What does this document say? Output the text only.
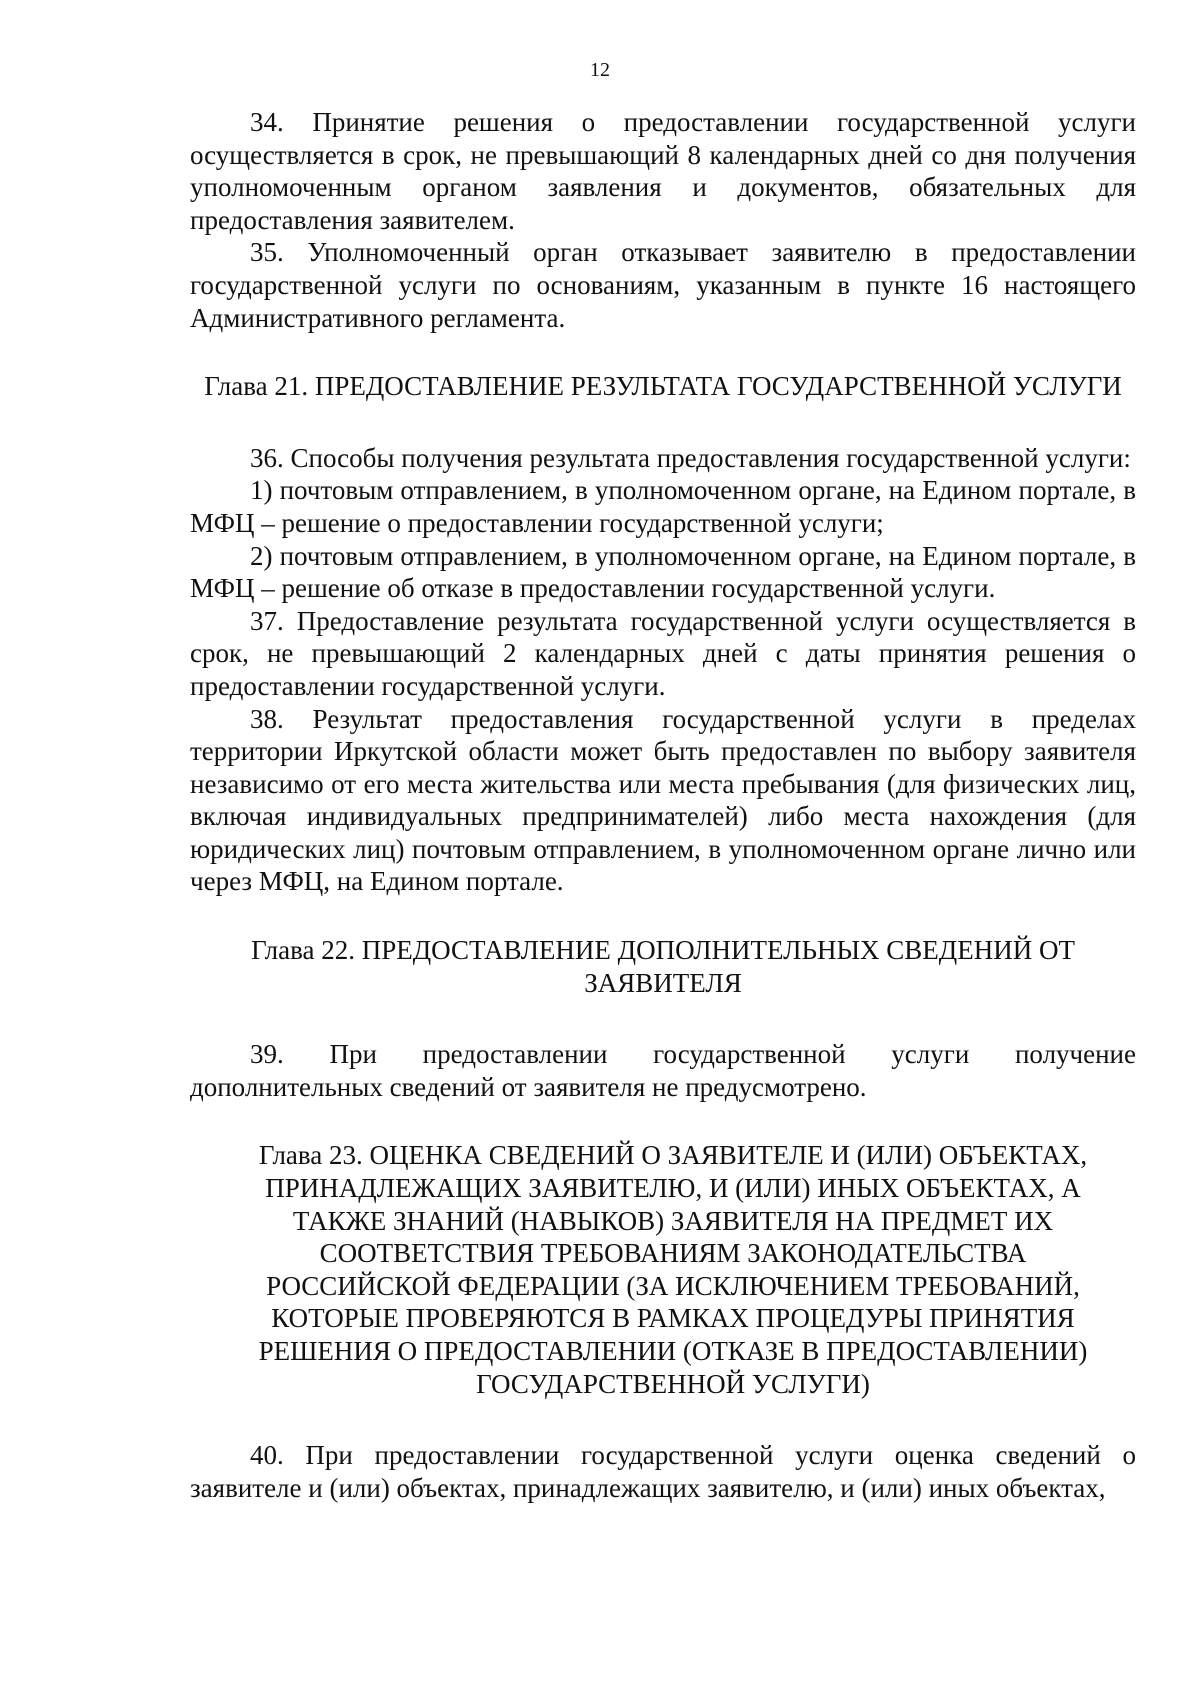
12

34. Принятие решения о предоставлении государственной услуги осуществляется в срок, не превышающий 8 календарных дней со дня получения уполномоченным органом заявления и документов, обязательных для предоставления заявителем.

35. Уполномоченный орган отказывает заявителю в предоставлении государственной услуги по основаниям, указанным в пункте 16 настоящего Административного регламента.

Глава 21. ПРЕДОСТАВЛЕНИЕ РЕЗУЛЬТАТА ГОСУДАРСТВЕННОЙ УСЛУГИ

36. Способы получения результата предоставления государственной услуги:

1) почтовым отправлением, в уполномоченном органе, на Едином портале, в МФЦ – решение о предоставлении государственной услуги;

2) почтовым отправлением, в уполномоченном органе, на Едином портале, в МФЦ – решение об отказе в предоставлении государственной услуги.

37. Предоставление результата государственной услуги осуществляется в срок, не превышающий 2 календарных дней с даты принятия решения о предоставлении государственной услуги.

38. Результат предоставления государственной услуги в пределах территории Иркутской области может быть предоставлен по выбору заявителя независимо от его места жительства или места пребывания (для физических лиц, включая индивидуальных предпринимателей) либо места нахождения (для юридических лиц) почтовым отправлением, в уполномоченном органе лично или через МФЦ, на Едином портале.

Глава 22. ПРЕДОСТАВЛЕНИЕ ДОПОЛНИТЕЛЬНЫХ СВЕДЕНИЙ ОТ ЗАЯВИТЕЛЯ

39. При предоставлении государственной услуги получение дополнительных сведений от заявителя не предусмотрено.

Глава 23. ОЦЕНКА СВЕДЕНИЙ О ЗАЯВИТЕЛЕ И (ИЛИ) ОБЪЕКТАХ, ПРИНАДЛЕЖАЩИХ ЗАЯВИТЕЛЮ, И (ИЛИ) ИНЫХ ОБЪЕКТАХ, А ТАКЖЕ ЗНАНИЙ (НАВЫКОВ) ЗАЯВИТЕЛЯ НА ПРЕДМЕТ ИХ СООТВЕТСТВИЯ ТРЕБОВАНИЯМ ЗАКОНОДАТЕЛЬСТВА РОССИЙСКОЙ ФЕДЕРАЦИИ (ЗА ИСКЛЮЧЕНИЕМ ТРЕБОВАНИЙ, КОТОРЫЕ ПРОВЕРЯЮТСЯ В РАМКАХ ПРОЦЕДУРЫ ПРИНЯТИЯ РЕШЕНИЯ О ПРЕДОСТАВЛЕНИИ (ОТКАЗЕ В ПРЕДОСТАВЛЕНИИ) ГОСУДАРСТВЕННОЙ УСЛУГИ)

40. При предоставлении государственной услуги оценка сведений о заявителе и (или) объектах, принадлежащих заявителю, и (или) иных объектах,
